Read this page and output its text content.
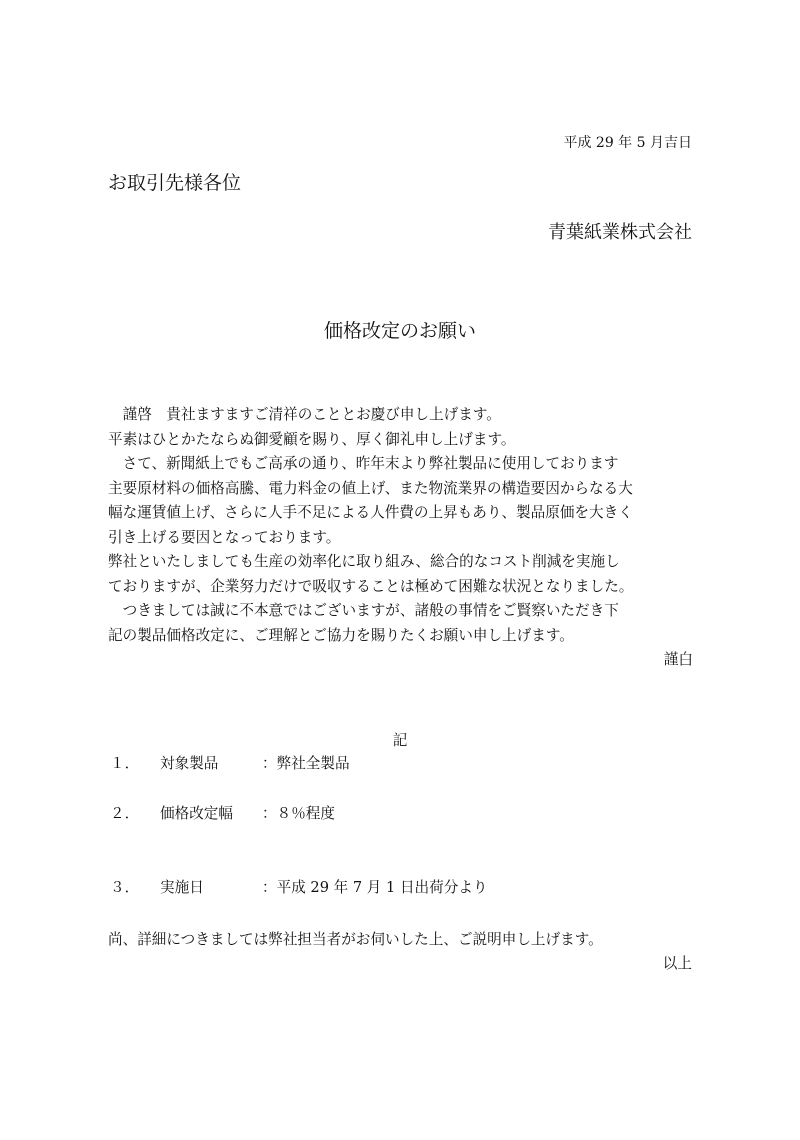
平成 29 年 5 月吉日
お取引先様各位
青葉紙業株式会社
価格改定のお願い
　謹啓　貴社ますますご清祥のこととお慶び申し上げます。
平素はひとかたならぬ御愛顧を賜り、厚く御礼申し上げます。
　さて、新聞紙上でもご高承の通り、昨年末より弊社製品に使用しております
主要原材料の価格高騰、電力料金の値上げ、また物流業界の構造要因からなる大
幅な運賃値上げ、さらに人手不足による人件費の上昇もあり、製品原価を大きく
引き上げる要因となっております。
弊社といたしましても生産の効率化に取り組み、総合的なコスト削減を実施し
ておりますが、企業努力だけで吸収することは極めて困難な状況となりました。
　つきましては誠に不本意ではございますが、諸般の事情をご賢察いただき下
記の製品価格改定に、ご理解とご協力を賜りたくお願い申し上げます。
謹白
記
１． 対象製品	：弊社全製品
２． 価格改定幅 ：８％程度
３． 実施日	：平成 29 年 7 月 1 日出荷分より
尚、詳細につきましては弊社担当者がお伺いした上、ご説明申し上げます。
以上
